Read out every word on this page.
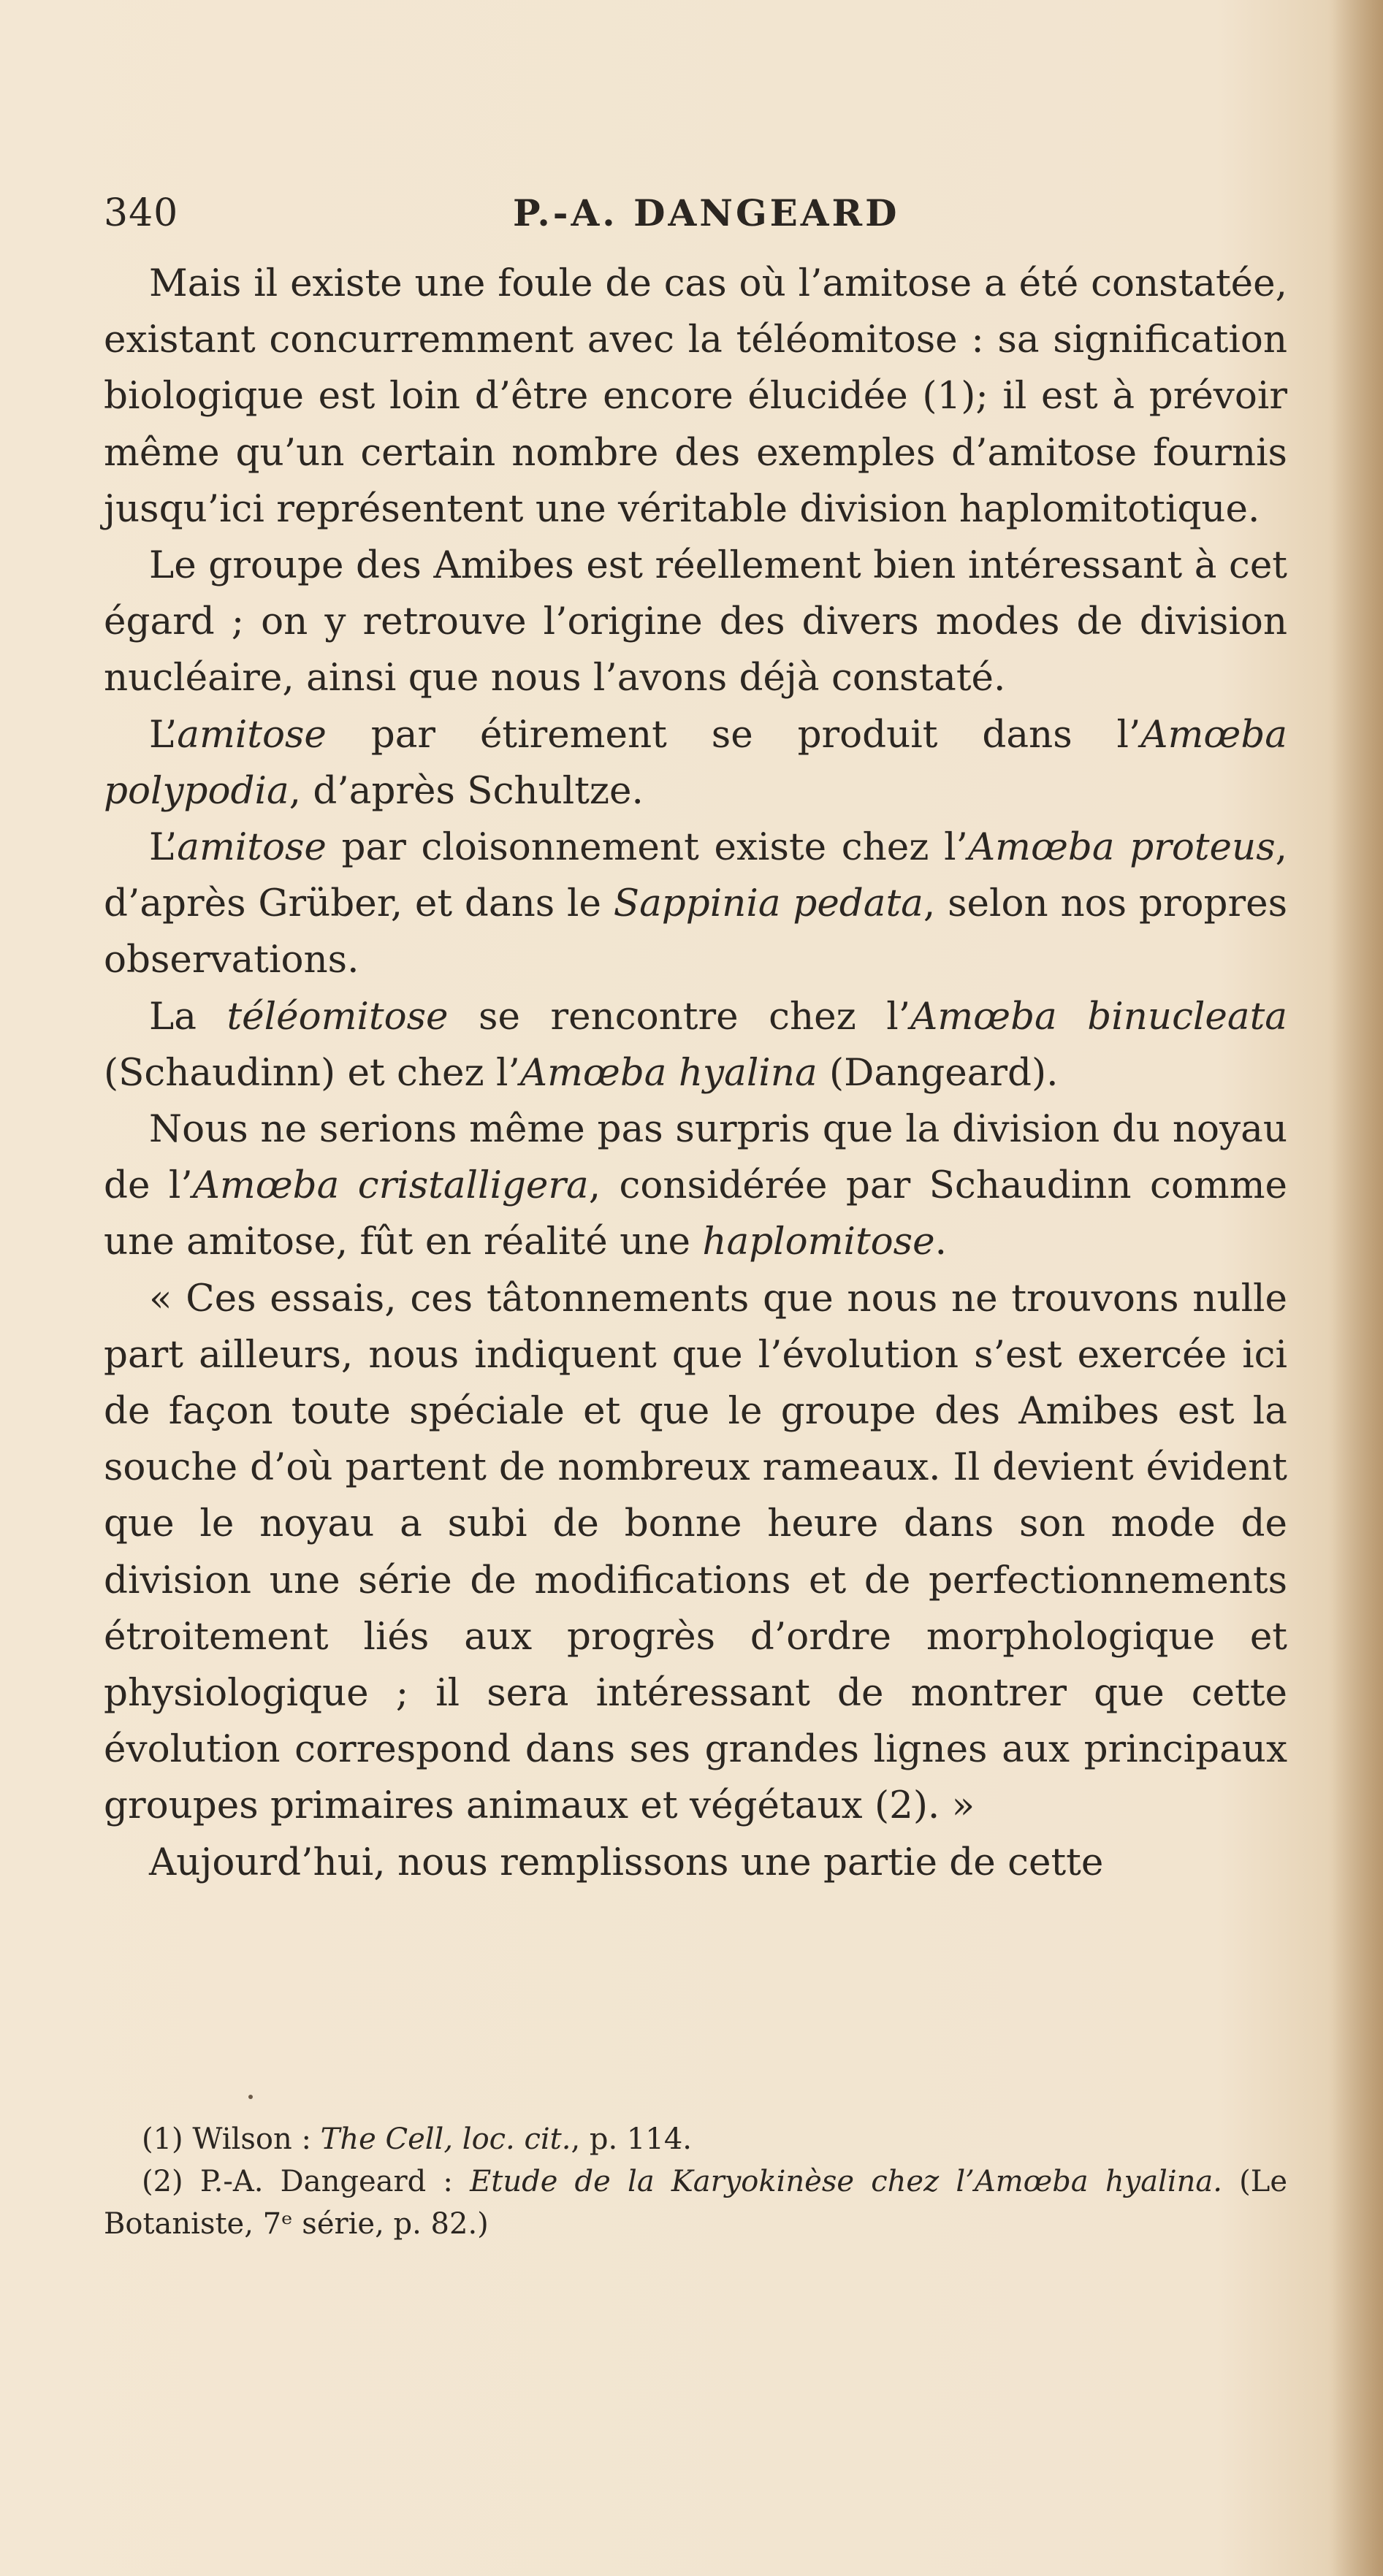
340	P.-A. DANGEARD

Mais il existe une foule de cas où l’amitose a été constatée, existant concurremment avec la téléomitose : sa signification biologique est loin d’être encore élucidée (1); il est à prévoir même qu’un certain nombre des exemples d’amitose fournis jusqu’ici représentent une véritable division haplomitotique.

Le groupe des Amibes est réellement bien intéressant à cet égard ; on y retrouve l’origine des divers modes de division nucléaire, ainsi que nous l’avons déjà constaté.

L’amitose par étirement se produit dans l’Amœba polypodia, d’après Schultze.

L’amitose par cloisonnement existe chez l’Amœba proteus, d’après Grüber, et dans le Sappinia pedata, selon nos propres observations.

La téléomitose se rencontre chez l’Amœba binucleata (Schaudinn) et chez l’Amœba hyalina (Dangeard).

Nous ne serions même pas surpris que la division du noyau de l’Amœba cristalligera, considérée par Schaudinn comme une amitose, fût en réalité une haplomitose.

« Ces essais, ces tâtonnements que nous ne trouvons nulle part ailleurs, nous indiquent que l’évolution s’est exercée ici de façon toute spéciale et que le groupe des Amibes est la souche d’où partent de nombreux rameaux. Il devient évident que le noyau a subi de bonne heure dans son mode de division une série de modifications et de perfectionnements étroitement liés aux progrès d’ordre morphologique et physiologique ; il sera intéressant de montrer que cette évolution correspond dans ses grandes lignes aux principaux groupes primaires animaux et végétaux (2). »

Aujourd’hui, nous remplissons une partie de cette

(1) Wilson : The Cell, loc. cit., p. 114.

(2) P.-A. Dangeard : Etude de la Karyokinèse chez l’Amœba hyalina. (Le Botaniste, 7ᵉ série, p. 82.)
